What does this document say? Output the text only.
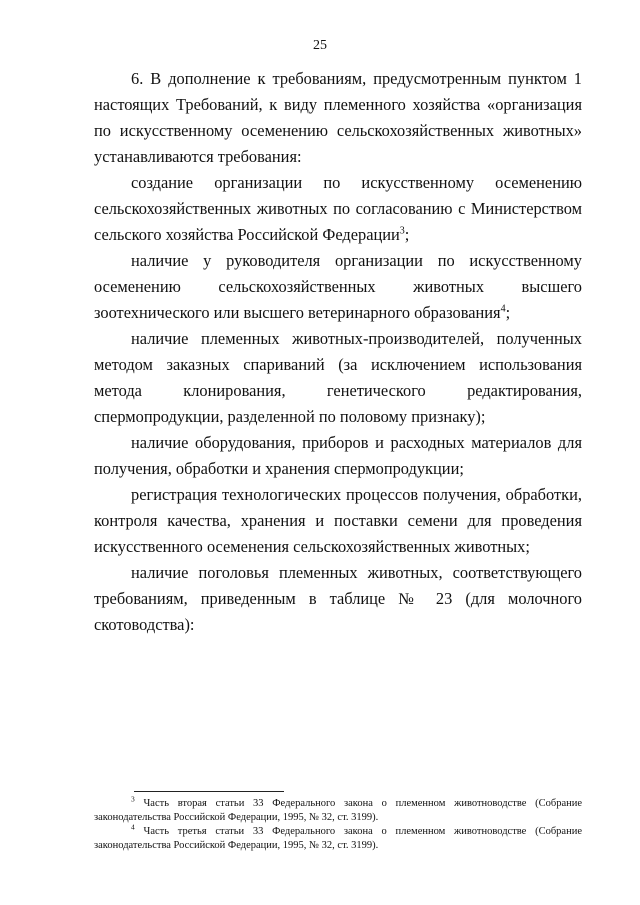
25

6. В дополнение к требованиям, предусмотренным пунктом 1 настоящих Требований, к виду племенного хозяйства «организация по искусственному осеменению сельскохозяйственных животных» устанавливаются требования:

создание организации по искусственному осеменению сельскохозяйственных животных по согласованию с Министерством сельского хозяйства Российской Федерации$^3$;

наличие у руководителя организации по искусственному осеменению сельскохозяйственных животных высшего зоотехнического или высшего ветеринарного образования$^4$;

наличие племенных животных-производителей, полученных методом заказных спариваний (за исключением использования метода клонирования, генетического редактирования, спермопродукции, разделенной по половому признаку);

наличие оборудования, приборов и расходных материалов для получения, обработки и хранения спермопродукции;

регистрация технологических процессов получения, обработки, контроля качества, хранения и поставки семени для проведения искусственного осеменения сельскохозяйственных животных;

наличие поголовья племенных животных, соответствующего требованиям, приведенным в таблице № 23 (для молочного скотоводства):

$^3$ Часть вторая статьи 33 Федерального закона о племенном животноводстве (Собрание законодательства Российской Федерации, 1995, № 32, ст. 3199).

$^4$ Часть третья статьи 33 Федерального закона о племенном животноводстве (Собрание законодательства Российской Федерации, 1995, № 32, ст. 3199).
